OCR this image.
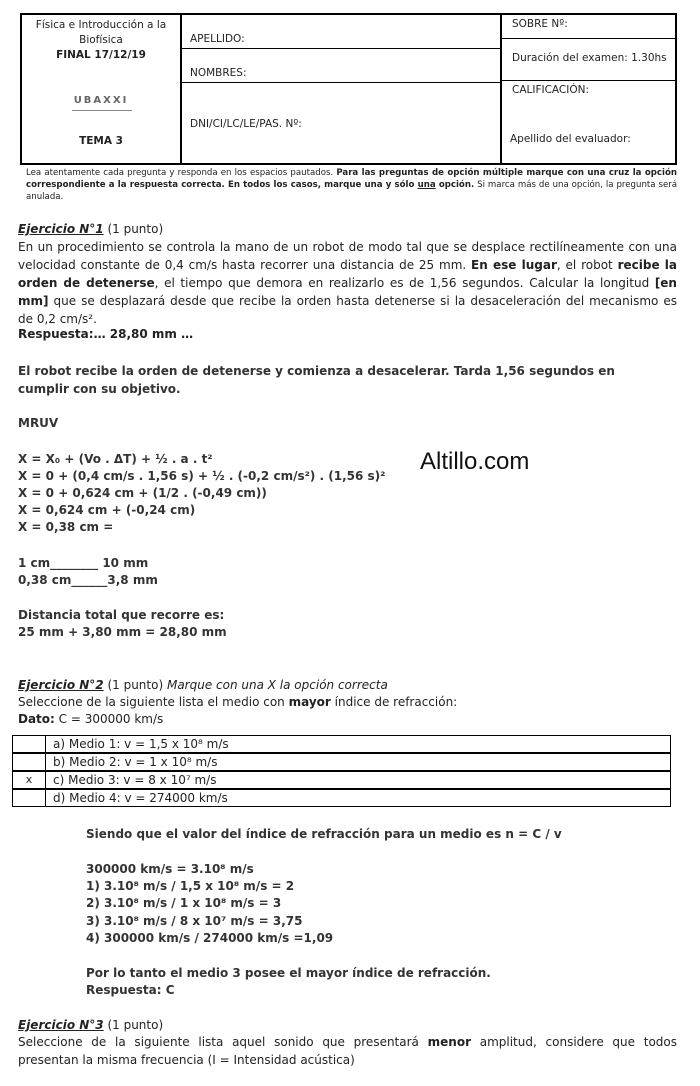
Física e Introducción a la Biofísica
FINAL 17/12/19
UBAXXI
TEMA 3
APELLIDO:
NOMBRES:
DNI/CI/LC/LE/PAS. Nº:
SOBRE Nº:
Duración del examen: 1.30hs
CALIFICACIÓN:
Apellido del evaluador:
Lea atentamente cada pregunta y responda en los espacios pautados. Para las preguntas de opción múltiple marque con una cruz la opción correspondiente a la respuesta correcta. En todos los casos, marque una y sólo una opción. Si marca más de una opción, la pregunta será anulada.
Ejercicio N°1 (1 punto)
En un procedimiento se controla la mano de un robot de modo tal que se desplace rectilíneamente con una velocidad constante de 0,4 cm/s hasta recorrer una distancia de 25 mm. En ese lugar, el robot recibe la orden de detenerse, el tiempo que demora en realizarlo es de 1,56 segundos. Calcular la longitud [en mm] que se desplazará desde que recibe la orden hasta detenerse si la desaceleración del mecanismo es de 0,2 cm/s².
Respuesta:… 28,80 mm …
El robot recibe la orden de detenerse y comienza a desacelerar. Tarda 1,56 segundos en cumplir con su objetivo.
MRUV
X = X₀ + (Vo . ΔT) + ½ . a . t²
X = 0 + (0,4 cm/s . 1,56 s) + ½ . (-0,2 cm/s²) . (1,56 s)²
X = 0 + 0,624 cm + (1/2 . (-0,49 cm))
X = 0,624 cm + (-0,24 cm)
X = 0,38 cm =
Altillo.com
1 cm________ 10 mm
0,38 cm______3,8 mm
Distancia total que recorre es:
25 mm + 3,80 mm = 28,80 mm
Ejercicio N°2 (1 punto) Marque con una X la opción correcta
Seleccione de la siguiente lista el medio con mayor índice de refracción:
Dato: C = 300000 km/s
a) Medio 1: v = 1,5 x 10⁸ m/s
b) Medio 2: v = 1 x 10⁸ m/s
x	c) Medio 3: v = 8 x 10⁷ m/s
d) Medio 4: v = 274000 km/s
Siendo que el valor del índice de refracción para un medio es n = C / v
300000 km/s = 3.10⁸ m/s
1) 3.10⁸ m/s / 1,5 x 10⁸ m/s = 2
2) 3.10⁸ m/s / 1 x 10⁸ m/s = 3
3) 3.10⁸ m/s / 8 x 10⁷ m/s = 3,75
4) 300000 km/s / 274000 km/s =1,09
Por lo tanto el medio 3 posee el mayor índice de refracción.
Respuesta: C
Ejercicio N°3 (1 punto)
Seleccione de la siguiente lista aquel sonido que presentará menor amplitud, considere que todos presentan la misma frecuencia (I = Intensidad acústica)
